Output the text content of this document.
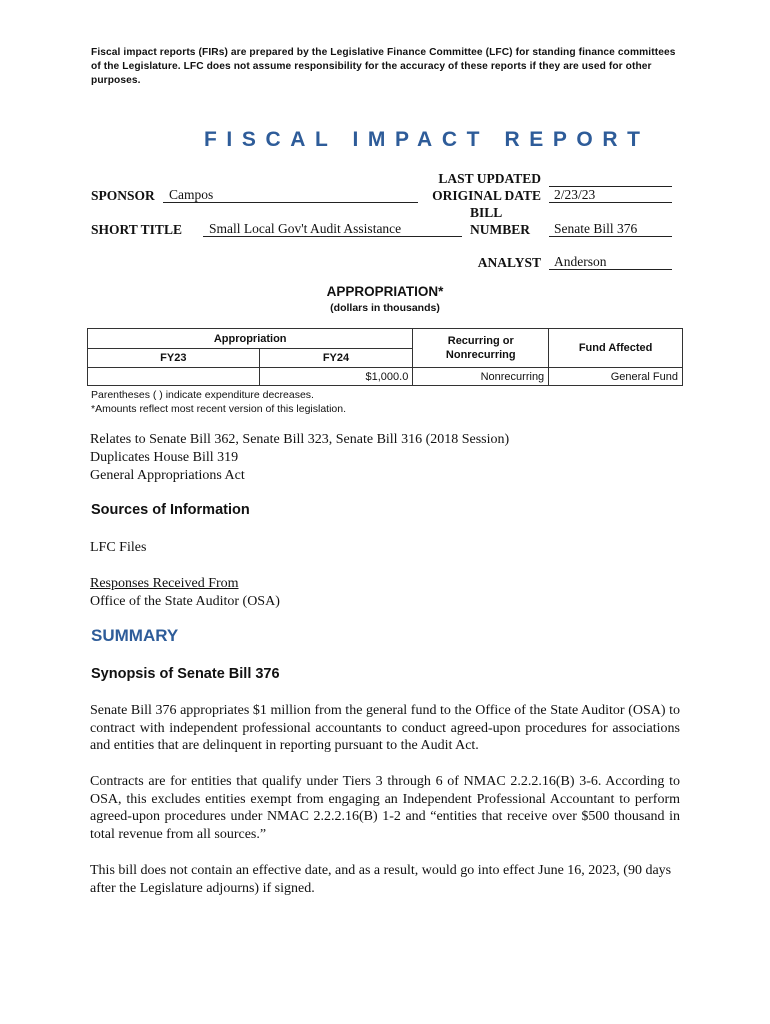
Fiscal impact reports (FIRs) are prepared by the Legislative Finance Committee (LFC) for standing finance committees of the Legislature. LFC does not assume responsibility for the accuracy of these reports if they are used for other purposes.
FISCAL IMPACT REPORT
LAST UPDATED
ORIGINAL DATE 2/23/23
BILL
NUMBER	Senate Bill 376
SPONSOR	Campos
SHORT TITLE	Small Local Gov't Audit Assistance
ANALYST Anderson
APPROPRIATION*
(dollars in thousands)
Appropriation		Recurring or Nonrecurring	Fund Affected
FY23	FY24		
	$1,000.0	Nonrecurring	General Fund
Parentheses ( ) indicate expenditure decreases.
*Amounts reflect most recent version of this legislation.
Relates to Senate Bill 362, Senate Bill 323, Senate Bill 316 (2018 Session)
Duplicates House Bill 319
General Appropriations Act
Sources of Information
LFC Files
Responses Received From
Office of the State Auditor (OSA)
SUMMARY
Synopsis of Senate Bill 376
Senate Bill 376 appropriates $1 million from the general fund to the Office of the State Auditor (OSA) to contract with independent professional accountants to conduct agreed-upon procedures for associations and entities that are delinquent in reporting pursuant to the Audit Act.
Contracts are for entities that qualify under Tiers 3 through 6 of NMAC 2.2.2.16(B) 3-6. According to OSA, this excludes entities exempt from engaging an Independent Professional Accountant to perform agreed-upon procedures under NMAC 2.2.2.16(B) 1-2 and “entities that receive over $500 thousand in total revenue from all sources.”
This bill does not contain an effective date, and as a result, would go into effect June 16, 2023, (90 days after the Legislature adjourns) if signed.
